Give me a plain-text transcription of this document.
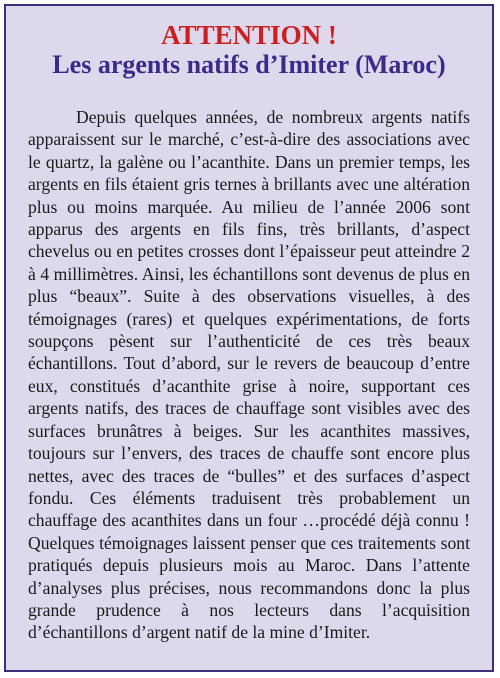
ATTENTION !
Les argents natifs d’Imiter (Maroc)

Depuis quelques années, de nombreux argents natifs apparaissent sur le marché, c’est-à-dire des associations avec le quartz, la galène ou l’acanthite. Dans un premier temps, les argents en fils étaient gris ternes à brillants avec une altération plus ou moins marquée. Au milieu de l’année 2006 sont apparus des argents en fils fins, très brillants, d’aspect chevelus ou en petites crosses dont l’épaisseur peut atteindre 2 à 4 millimètres. Ainsi, les échantillons sont devenus de plus en plus “beaux”. Suite à des observations visuelles, à des témoignages (rares) et quelques expérimentations, de forts soupçons pèsent sur l’authenticité de ces très beaux échantillons. Tout d’abord, sur le revers de beaucoup d’entre eux, constitués d’acanthite grise à noire, supportant ces argents natifs, des traces de chauffage sont visibles avec des surfaces brunâtres à beiges. Sur les acanthites massives, toujours sur l’envers, des traces de chauffe sont encore plus nettes, avec des traces de “bulles” et des surfaces d’aspect fondu. Ces éléments traduisent très probablement un chauffage des acanthites dans un four …procédé déjà connu ! Quelques témoignages laissent penser que ces traitements sont pratiqués depuis plusieurs mois au Maroc. Dans l’attente d’analyses plus précises, nous recommandons donc la plus grande prudence à nos lecteurs dans l’acquisition d’échantillons d’argent natif de la mine d’Imiter.
